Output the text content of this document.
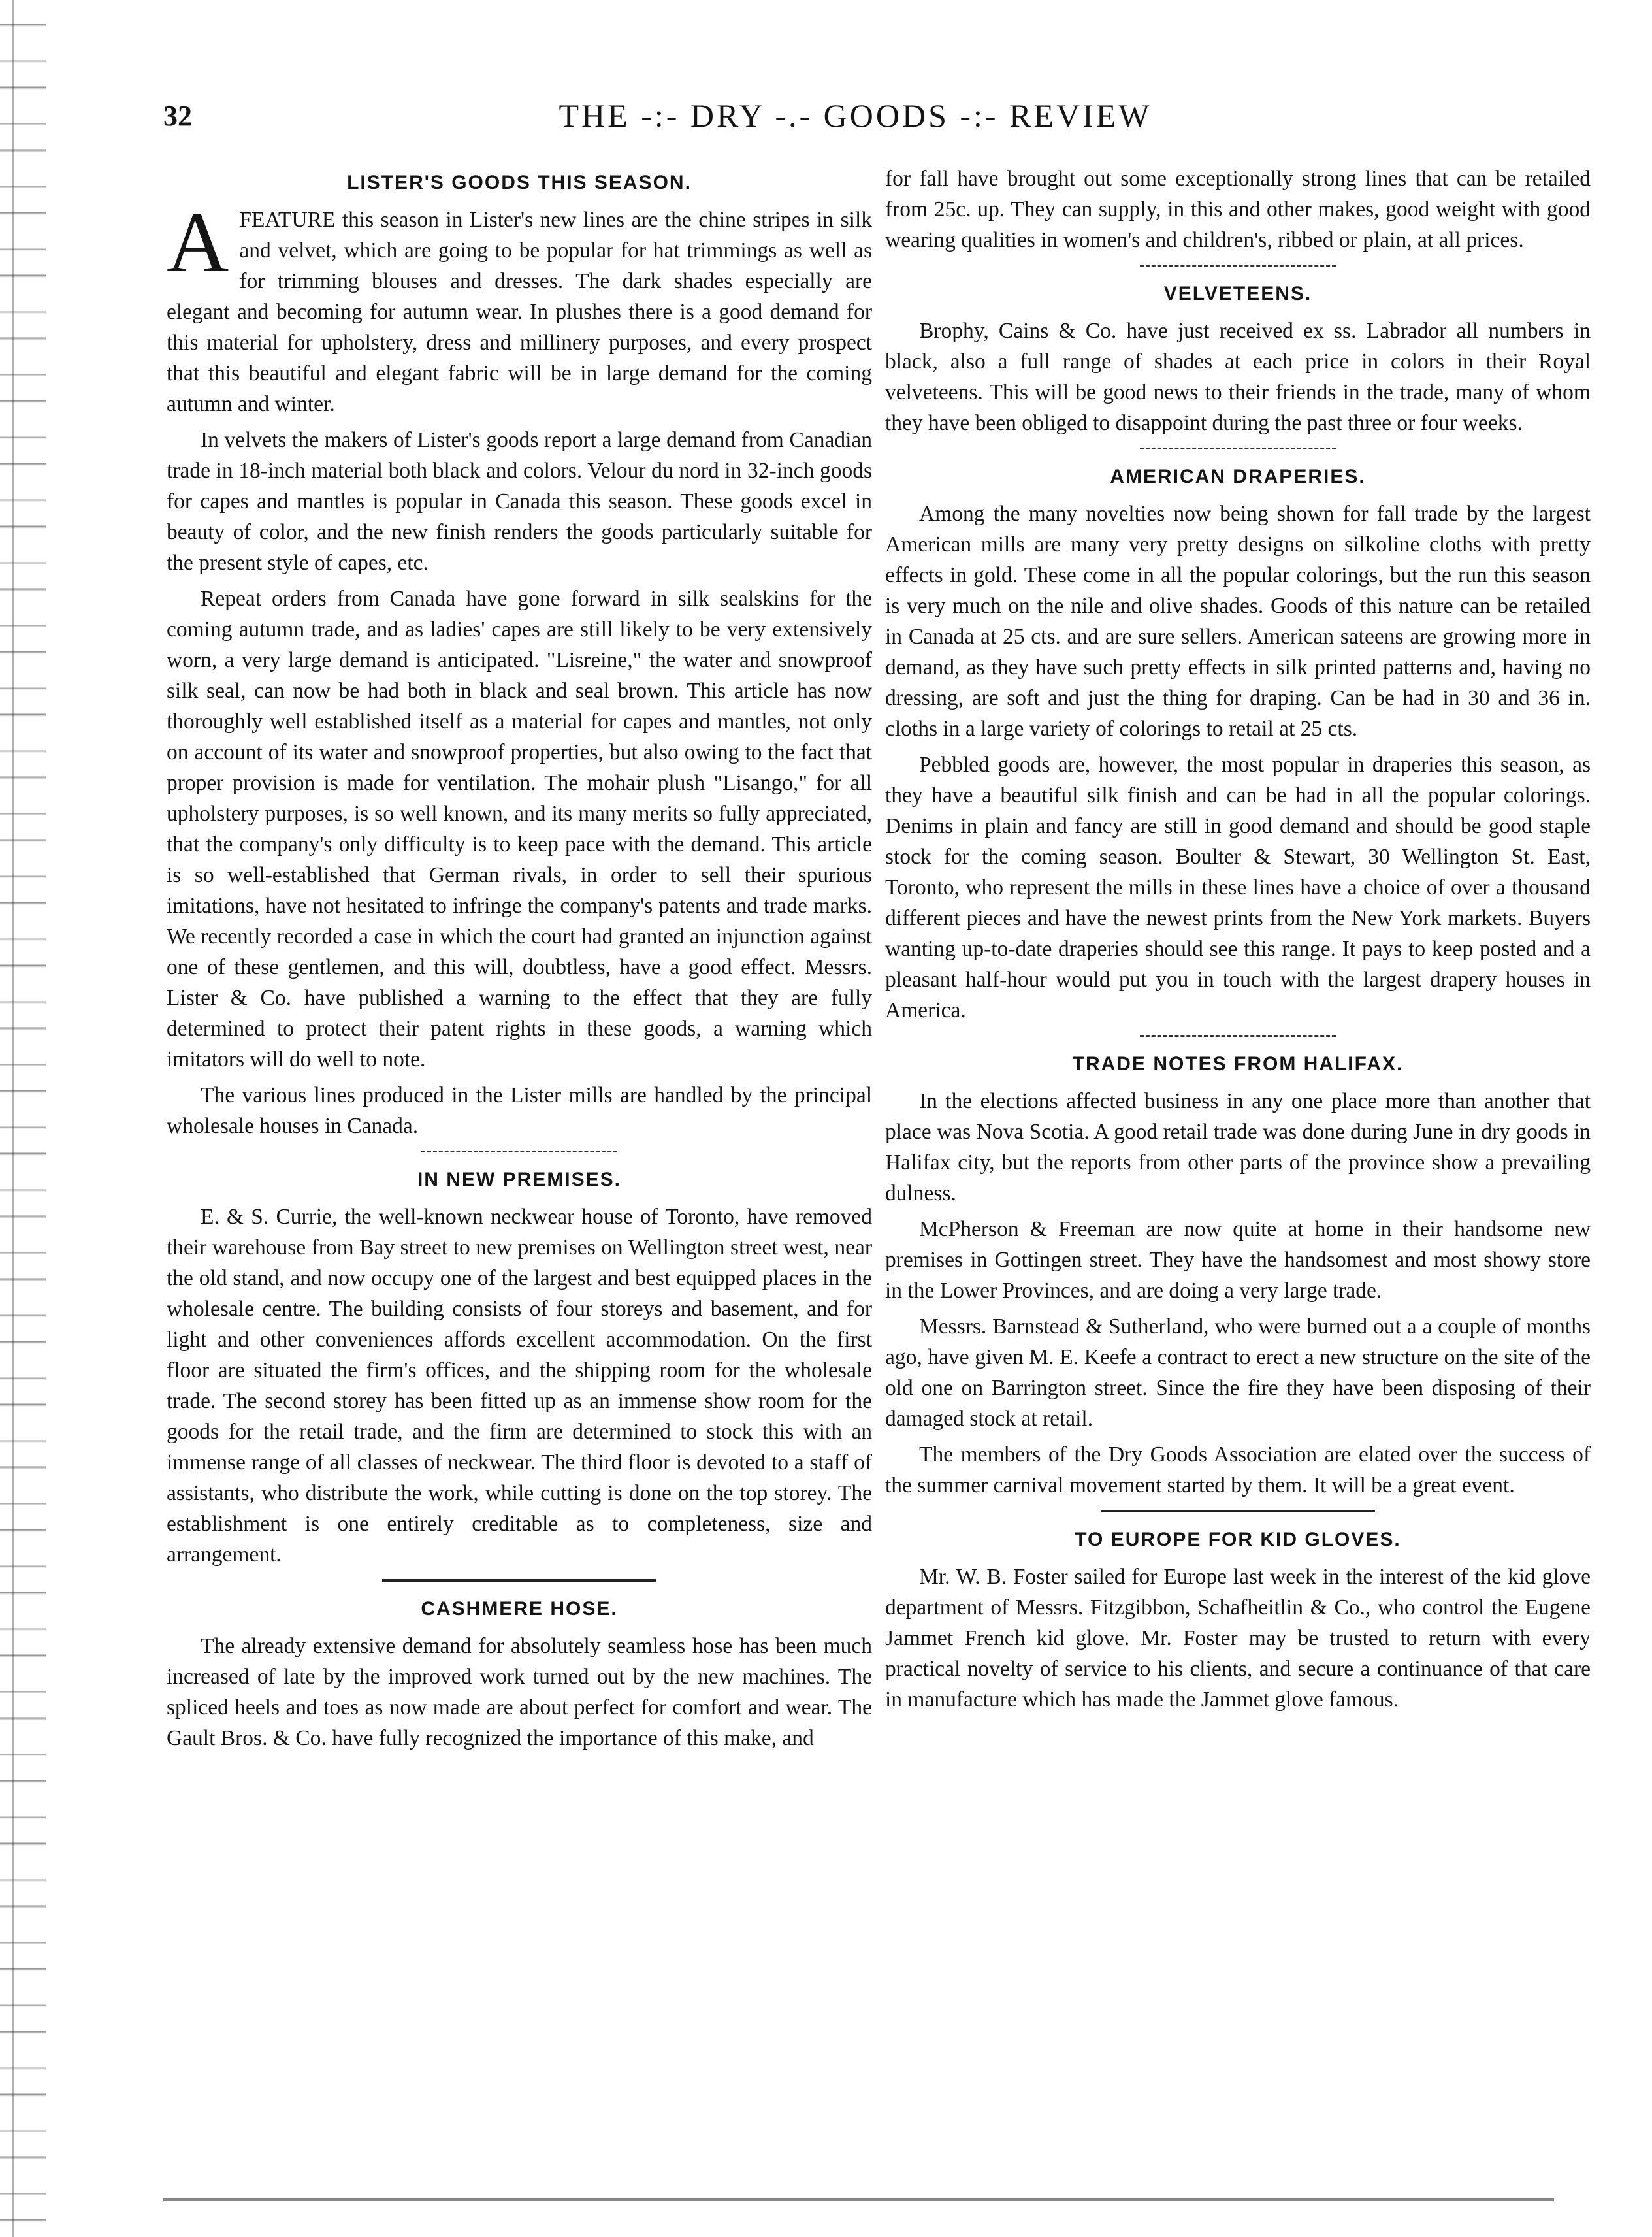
32	THE -:- DRY -.- GOODS -:- REVIEW
LISTER'S GOODS THIS SEASON.

AFEATURE this season in Lister's new lines are the chine stripes in silk and velvet, which are going to be popular for hat trimmings as well as for trimming blouses and dresses. The dark shades especially are elegant and becoming for autumn wear. In plushes there is a good demand for this material for upholstery, dress and millinery purposes, and every prospect that this beautiful and elegant fabric will be in large demand for the coming autumn and winter.

In velvets the makers of Lister's goods report a large demand from Canadian trade in 18-inch material both black and colors. Velour du nord in 32-inch goods for capes and mantles is popular in Canada this season. These goods excel in beauty of color, and the new finish renders the goods particularly suitable for the present style of capes, etc.

Repeat orders from Canada have gone forward in silk sealskins for the coming autumn trade, and as ladies' capes are still likely to be very extensively worn, a very large demand is anticipated. "Lisreine," the water and snowproof silk seal, can now be had both in black and seal brown. This article has now thoroughly well established itself as a material for capes and mantles, not only on account of its water and snowproof properties, but also owing to the fact that proper provision is made for ventilation. The mohair plush "Lisango," for all upholstery purposes, is so well known, and its many merits so fully appreciated, that the company's only difficulty is to keep pace with the demand. This article is so well-established that German rivals, in order to sell their spurious imitations, have not hesitated to infringe the company's patents and trade marks. We recently recorded a case in which the court had granted an injunction against one of these gentlemen, and this will, doubtless, have a good effect. Messrs. Lister & Co. have published a warning to the effect that they are fully determined to protect their patent rights in these goods, a warning which imitators will do well to note.

The various lines produced in the Lister mills are handled by the principal wholesale houses in Canada.

IN NEW PREMISES.

E. & S. Currie, the well-known neckwear house of Toronto, have removed their warehouse from Bay street to new premises on Wellington street west, near the old stand, and now occupy one of the largest and best equipped places in the wholesale centre. The building consists of four storeys and basement, and for light and other conveniences affords excellent accommodation. On the first floor are situated the firm's offices, and the shipping room for the wholesale trade. The second storey has been fitted up as an immense show room for the goods for the retail trade, and the firm are determined to stock this with an immense range of all classes of neckwear. The third floor is devoted to a staff of assistants, who distribute the work, while cutting is done on the top storey. The establishment is one entirely creditable as to completeness, size and arrangement.

CASHMERE HOSE.

The already extensive demand for absolutely seamless hose has been much increased of late by the improved work turned out by the new machines. The spliced heels and toes as now made are about perfect for comfort and wear. The Gault Bros. & Co. have fully recognized the importance of this make, and

for fall have brought out some exceptionally strong lines that can be retailed from 25c. up. They can supply, in this and other makes, good weight with good wearing qualities in women's and children's, ribbed or plain, at all prices.

VELVETEENS.

Brophy, Cains & Co. have just received ex ss. Labrador all numbers in black, also a full range of shades at each price in colors in their Royal velveteens. This will be good news to their friends in the trade, many of whom they have been obliged to disappoint during the past three or four weeks.

AMERICAN DRAPERIES.

Among the many novelties now being shown for fall trade by the largest American mills are many very pretty designs on silkoline cloths with pretty effects in gold. These come in all the popular colorings, but the run this season is very much on the nile and olive shades. Goods of this nature can be retailed in Canada at 25 cts. and are sure sellers. American sateens are growing more in demand, as they have such pretty effects in silk printed patterns and, having no dressing, are soft and just the thing for draping. Can be had in 30 and 36 in. cloths in a large variety of colorings to retail at 25 cts.

Pebbled goods are, however, the most popular in draperies this season, as they have a beautiful silk finish and can be had in all the popular colorings. Denims in plain and fancy are still in good demand and should be good staple stock for the coming season. Boulter & Stewart, 30 Wellington St. East, Toronto, who represent the mills in these lines have a choice of over a thousand different pieces and have the newest prints from the New York markets. Buyers wanting up-to-date draperies should see this range. It pays to keep posted and a pleasant half-hour would put you in touch with the largest drapery houses in America.

TRADE NOTES FROM HALIFAX.

In the elections affected business in any one place more than another that place was Nova Scotia. A good retail trade was done during June in dry goods in Halifax city, but the reports from other parts of the province show a prevailing dulness.

McPherson & Freeman are now quite at home in their handsome new premises in Gottingen street. They have the handsomest and most showy store in the Lower Provinces, and are doing a very large trade.

Messrs. Barnstead & Sutherland, who were burned out a a couple of months ago, have given M. E. Keefe a contract to erect a new structure on the site of the old one on Barrington street. Since the fire they have been disposing of their damaged stock at retail.

The members of the Dry Goods Association are elated over the success of the summer carnival movement started by them. It will be a great event.

TO EUROPE FOR KID GLOVES.

Mr. W. B. Foster sailed for Europe last week in the interest of the kid glove department of Messrs. Fitzgibbon, Schafheitlin & Co., who control the Eugene Jammet French kid glove. Mr. Foster may be trusted to return with every practical novelty of service to his clients, and secure a continuance of that care in manufacture which has made the Jammet glove famous.
